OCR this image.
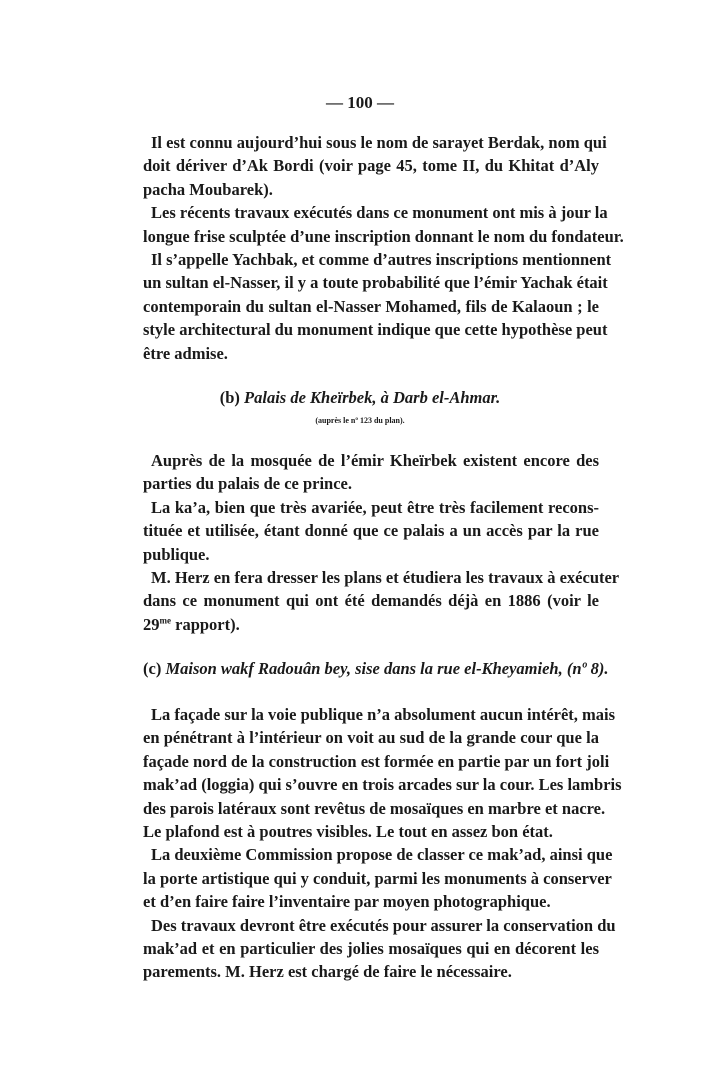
— 100 —
Il est connu aujourd’hui sous le nom de sarayet Berdak, nom qui
doit dériver d’Ak Bordi (voir page 45, tome II, du Khitat d’Aly
pacha Moubarek).
Les récents travaux exécutés dans ce monument ont mis à jour la
longue frise sculptée d’une inscription donnant le nom du fondateur.
Il s’appelle Yachbak, et comme d’autres inscriptions mentionnent
un sultan el-Nasser, il y a toute probabilité que l’émir Yachak était
contemporain du sultan el-Nasser Mohamed, fils de Kalaoun ; le
style architectural du monument indique que cette hypothèse peut
être admise.
(b) Palais de Kheïrbek, à Darb el-Ahmar.
(auprès le nº 123 du plan).
Auprès de la mosquée de l’émir Kheïrbek existent encore des
parties du palais de ce prince.
La ka’a, bien que très avariée, peut être très facilement recons-
tituée et utilisée, étant donné que ce palais a un accès par la rue
publique.
M. Herz en fera dresser les plans et étudiera les travaux à exécuter
dans ce monument qui ont été demandés déjà en 1886 (voir le
$29^{me}$ rapport).
(c) Maison wakf Radouân bey, sise dans la rue el-Kheyamieh, (nº 8).
La façade sur la voie publique n’a absolument aucun intérêt, mais
en pénétrant à l’intérieur on voit au sud de la grande cour que la
façade nord de la construction est formée en partie par un fort joli
mak’ad (loggia) qui s’ouvre en trois arcades sur la cour. Les lambris
des parois latéraux sont revêtus de mosaïques en marbre et nacre.
Le plafond est à poutres visibles. Le tout en assez bon état.
La deuxième Commission propose de classer ce mak’ad, ainsi que
la porte artistique qui y conduit, parmi les monuments à conserver
et d’en faire faire l’inventaire par moyen photographique.
Des travaux devront être exécutés pour assurer la conservation du
mak’ad et en particulier des jolies mosaïques qui en décorent les
parements. M. Herz est chargé de faire le nécessaire.
